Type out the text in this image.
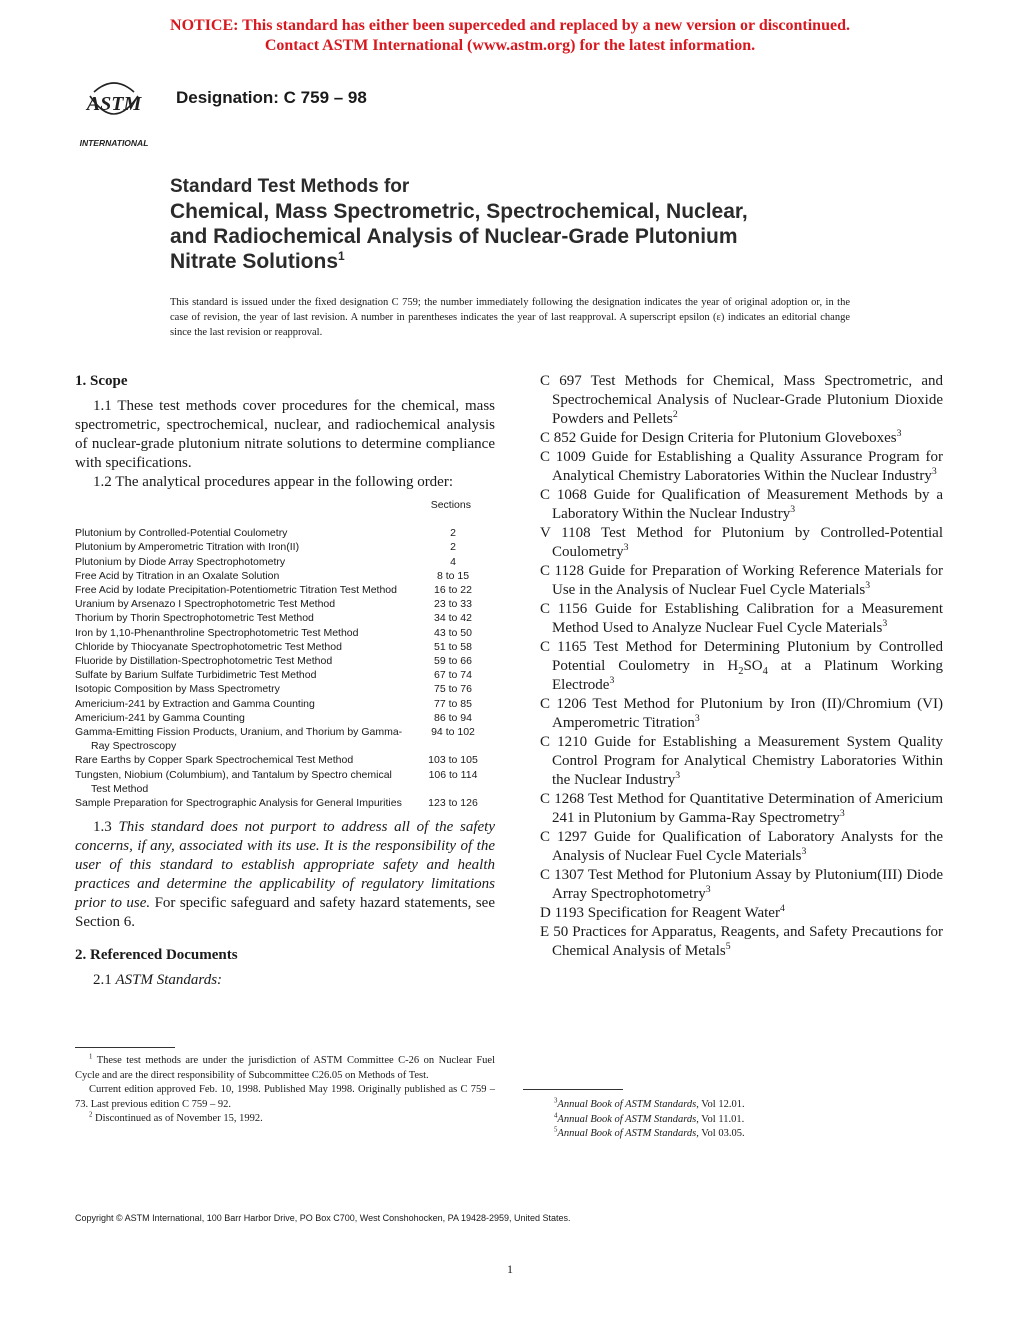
NOTICE: This standard has either been superceded and replaced by a new version or discontinued.
Contact ASTM International (www.astm.org) for the latest information.
ASTM
INTERNATIONAL
Designation: C 759 – 98
Standard Test Methods for
Chemical, Mass Spectrometric, Spectrochemical, Nuclear,
and Radiochemical Analysis of Nuclear-Grade Plutonium
Nitrate Solutions$^1$
This standard is issued under the fixed designation C 759; the number immediately following the designation indicates the year of original adoption or, in the case of revision, the year of last revision. A number in parentheses indicates the year of last reapproval. A superscript epsilon (ε) indicates an editorial change since the last revision or reapproval.
1. Scope

1.1 These test methods cover procedures for the chemical, mass spectrometric, spectrochemical, nuclear, and radiochemical analysis of nuclear-grade plutonium nitrate solutions to determine compliance with specifications.

1.2 The analytical procedures appear in the following order:

Sections
Plutonium by Controlled-Potential Coulometry	2
Plutonium by Amperometric Titration with Iron(II)	2
Plutonium by Diode Array Spectrophotometry	4
Free Acid by Titration in an Oxalate Solution	8 to 15
Free Acid by Iodate Precipitation-Potentiometric Titration Test Method	16 to 22
Uranium by Arsenazo I Spectrophotometric Test Method	23 to 33
Thorium by Thorin Spectrophotometric Test Method	34 to 42
Iron by 1,10-Phenanthroline Spectrophotometric Test Method	43 to 50
Chloride by Thiocyanate Spectrophotometric Test Method	51 to 58
Fluoride by Distillation-Spectrophotometric Test Method	59 to 66
Sulfate by Barium Sulfate Turbidimetric Test Method	67 to 74
Isotopic Composition by Mass Spectrometry	75 to 76
Americium-241 by Extraction and Gamma Counting	77 to 85
Americium-241 by Gamma Counting	86 to 94
Gamma-Emitting Fission Products, Uranium, and Thorium by Gamma-Ray Spectroscopy
94 to 102
Rare Earths by Copper Spark Spectrochemical Test Method	103 to 105
Tungsten, Niobium (Columbium), and Tantalum by Spectro chemical Test Method
106 to 114
Sample Preparation for Spectrographic Analysis for General Impurities	123 to 126

1.3 This standard does not purport to address all of the safety concerns, if any, associated with its use. It is the responsibility of the user of this standard to establish appropriate safety and health practices and determine the applicability of regulatory limitations prior to use. For specific safeguard and safety hazard statements, see Section 6.

2. Referenced Documents

2.1 ASTM Standards:

C 697 Test Methods for Chemical, Mass Spectrometric, and Spectrochemical Analysis of Nuclear-Grade Plutonium Dioxide Powders and Pellets$^2$

C 852 Guide for Design Criteria for Plutonium Gloveboxes$^3$

C 1009 Guide for Establishing a Quality Assurance Program for Analytical Chemistry Laboratories Within the Nuclear Industry$^3$

C 1068 Guide for Qualification of Measurement Methods by a Laboratory Within the Nuclear Industry$^3$

V 1108 Test Method for Plutonium by Controlled-Potential Coulometry$^3$

C 1128 Guide for Preparation of Working Reference Materials for Use in the Analysis of Nuclear Fuel Cycle Materials$^3$

C 1156 Guide for Establishing Calibration for a Measurement Method Used to Analyze Nuclear Fuel Cycle Materials$^3$

C 1165 Test Method for Determining Plutonium by Controlled Potential Coulometry in $H_2SO_4$ at a Platinum Working Electrode$^3$

C 1206 Test Method for Plutonium by Iron (II)/Chromium (VI) Amperometric Titration$^3$

C 1210 Guide for Establishing a Measurement System Quality Control Program for Analytical Chemistry Laboratories Within the Nuclear Industry$^3$

C 1268 Test Method for Quantitative Determination of Americium 241 in Plutonium by Gamma-Ray Spectrometry$^3$

C 1297 Guide for Qualification of Laboratory Analysts for the Analysis of Nuclear Fuel Cycle Materials$^3$

C 1307 Test Method for Plutonium Assay by Plutonium(III) Diode Array Spectrophotometry$^3$

D 1193 Specification for Reagent Water$^4$

E 50 Practices for Apparatus, Reagents, and Safety Precautions for Chemical Analysis of Metals$^5$

$^1$ These test methods are under the jurisdiction of ASTM Committee C-26 on Nuclear Fuel Cycle and are the direct responsibility of Subcommittee C26.05 on Methods of Test.

Current edition approved Feb. 10, 1998. Published May 1998. Originally published as C 759 – 73. Last previous edition C 759 – 92.

$^2$ Discontinued as of November 15, 1992.

$^3$Annual Book of ASTM Standards, Vol 12.01.

$^4$Annual Book of ASTM Standards, Vol 11.01.

$^5$Annual Book of ASTM Standards, Vol 03.05.

Copyright © ASTM International, 100 Barr Harbor Drive, PO Box C700, West Conshohocken, PA 19428-2959, United States.
1
